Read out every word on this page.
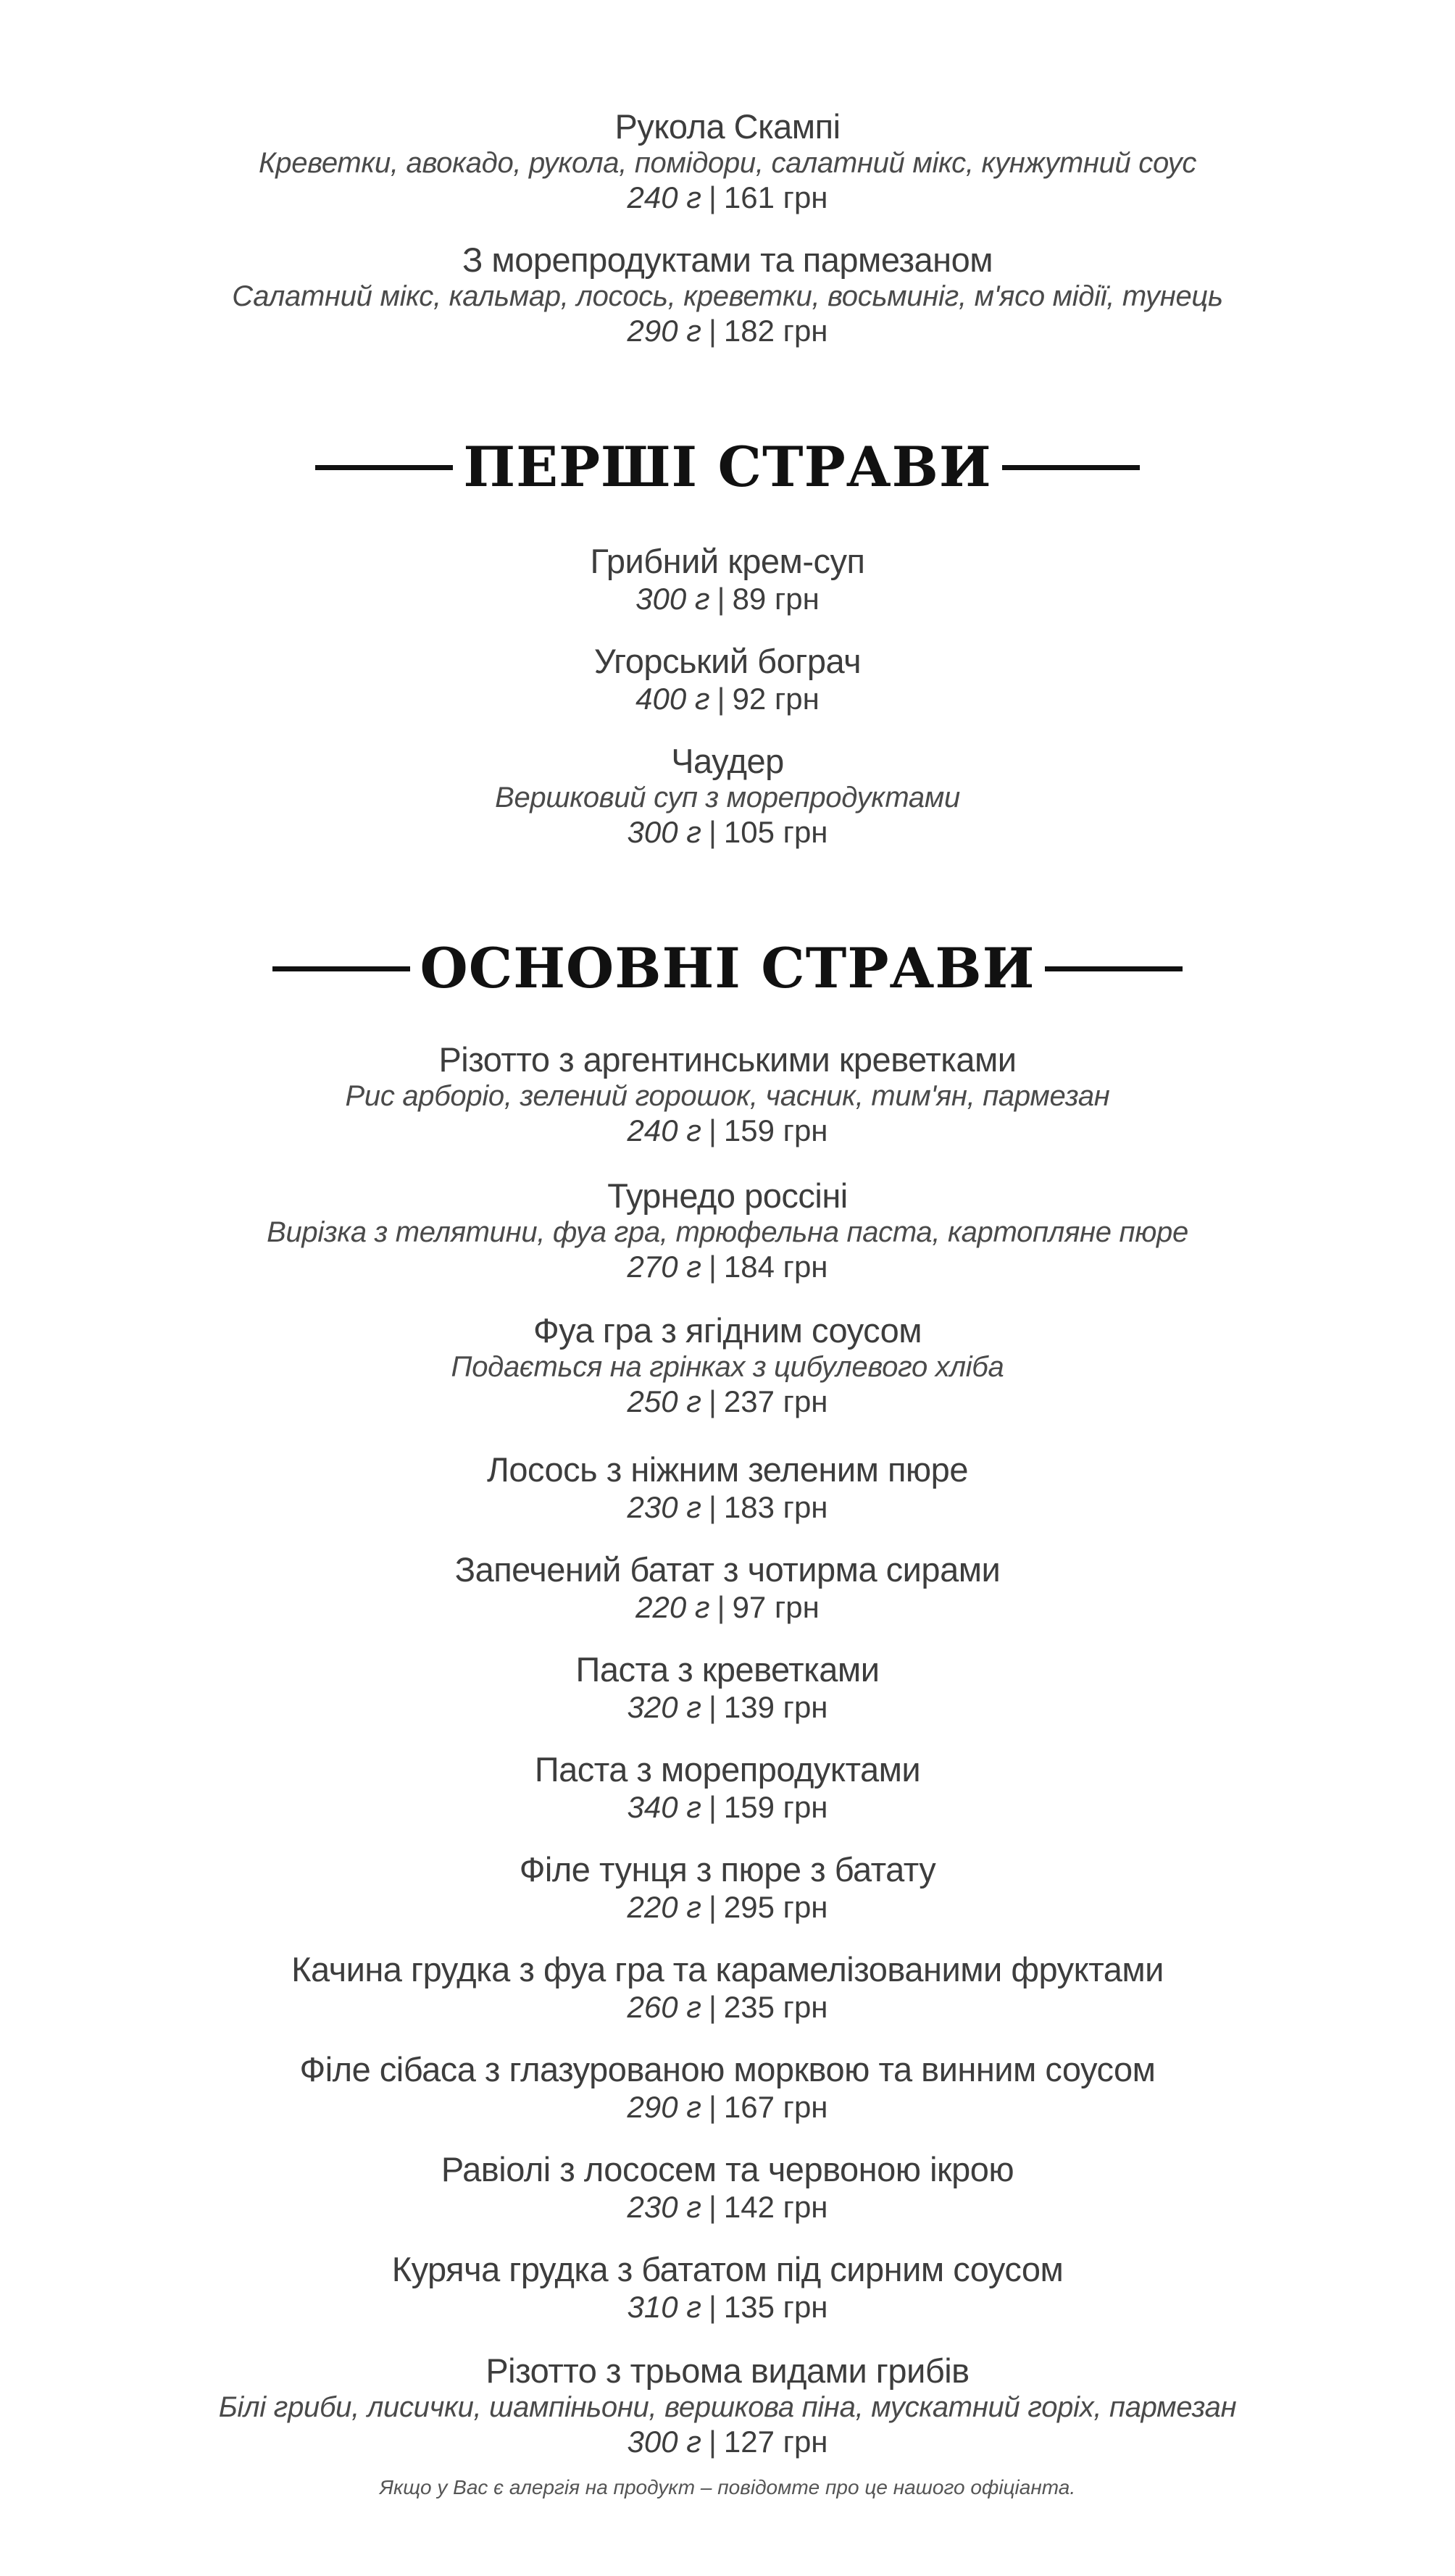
Рукола Скампі
Креветки, авокадо, рукола, помідори, салатний мікс, кунжутний соус
240 г | 161 грн
З морепродуктами та пармезаном
Салатний мікс, кальмар, лосось, креветки, восьминіг, м'ясо мідії, тунець
290 г | 182 грн
ПЕРШІ СТРАВИ
Грибний крем-суп
300 г | 89 грн
Угорський бограч
400 г | 92 грн
Чаудер
Вершковий суп з морепродуктами
300 г | 105 грн
ОСНОВНІ СТРАВИ
Різотто з аргентинськими креветками
Рис арборіо, зелений горошок, часник, тим'ян, пармезан
240 г | 159 грн
Турнедо россіні
Вирізка з телятини, фуа гра, трюфельна паста, картопляне пюре
270 г | 184 грн
Фуа гра з ягідним соусом
Подається на грінках з цибулевого хліба
250 г | 237 грн
Лосось з ніжним зеленим пюре
230 г | 183 грн
Запечений батат з чотирма сирами
220 г | 97 грн
Паста з креветками
320 г | 139 грн
Паста з морепродуктами
340 г | 159 грн
Філе тунця з пюре з батату
220 г | 295 грн
Качина грудка з фуа гра та карамелізованими фруктами
260 г | 235 грн
Філе сібаса з глазурованою морквою та винним соусом
290 г | 167 грн
Равіолі з лососем та червоною ікрою
230 г | 142 грн
Куряча грудка з бататом під сирним соусом
310 г | 135 грн
Різотто з трьома видами грибів
Білі гриби, лисички, шампіньони, вершкова піна, мускатний горіх, пармезан
300 г | 127 грн
Якщо у Вас є алергія на продукт – повідомте про це нашого офіціанта.
